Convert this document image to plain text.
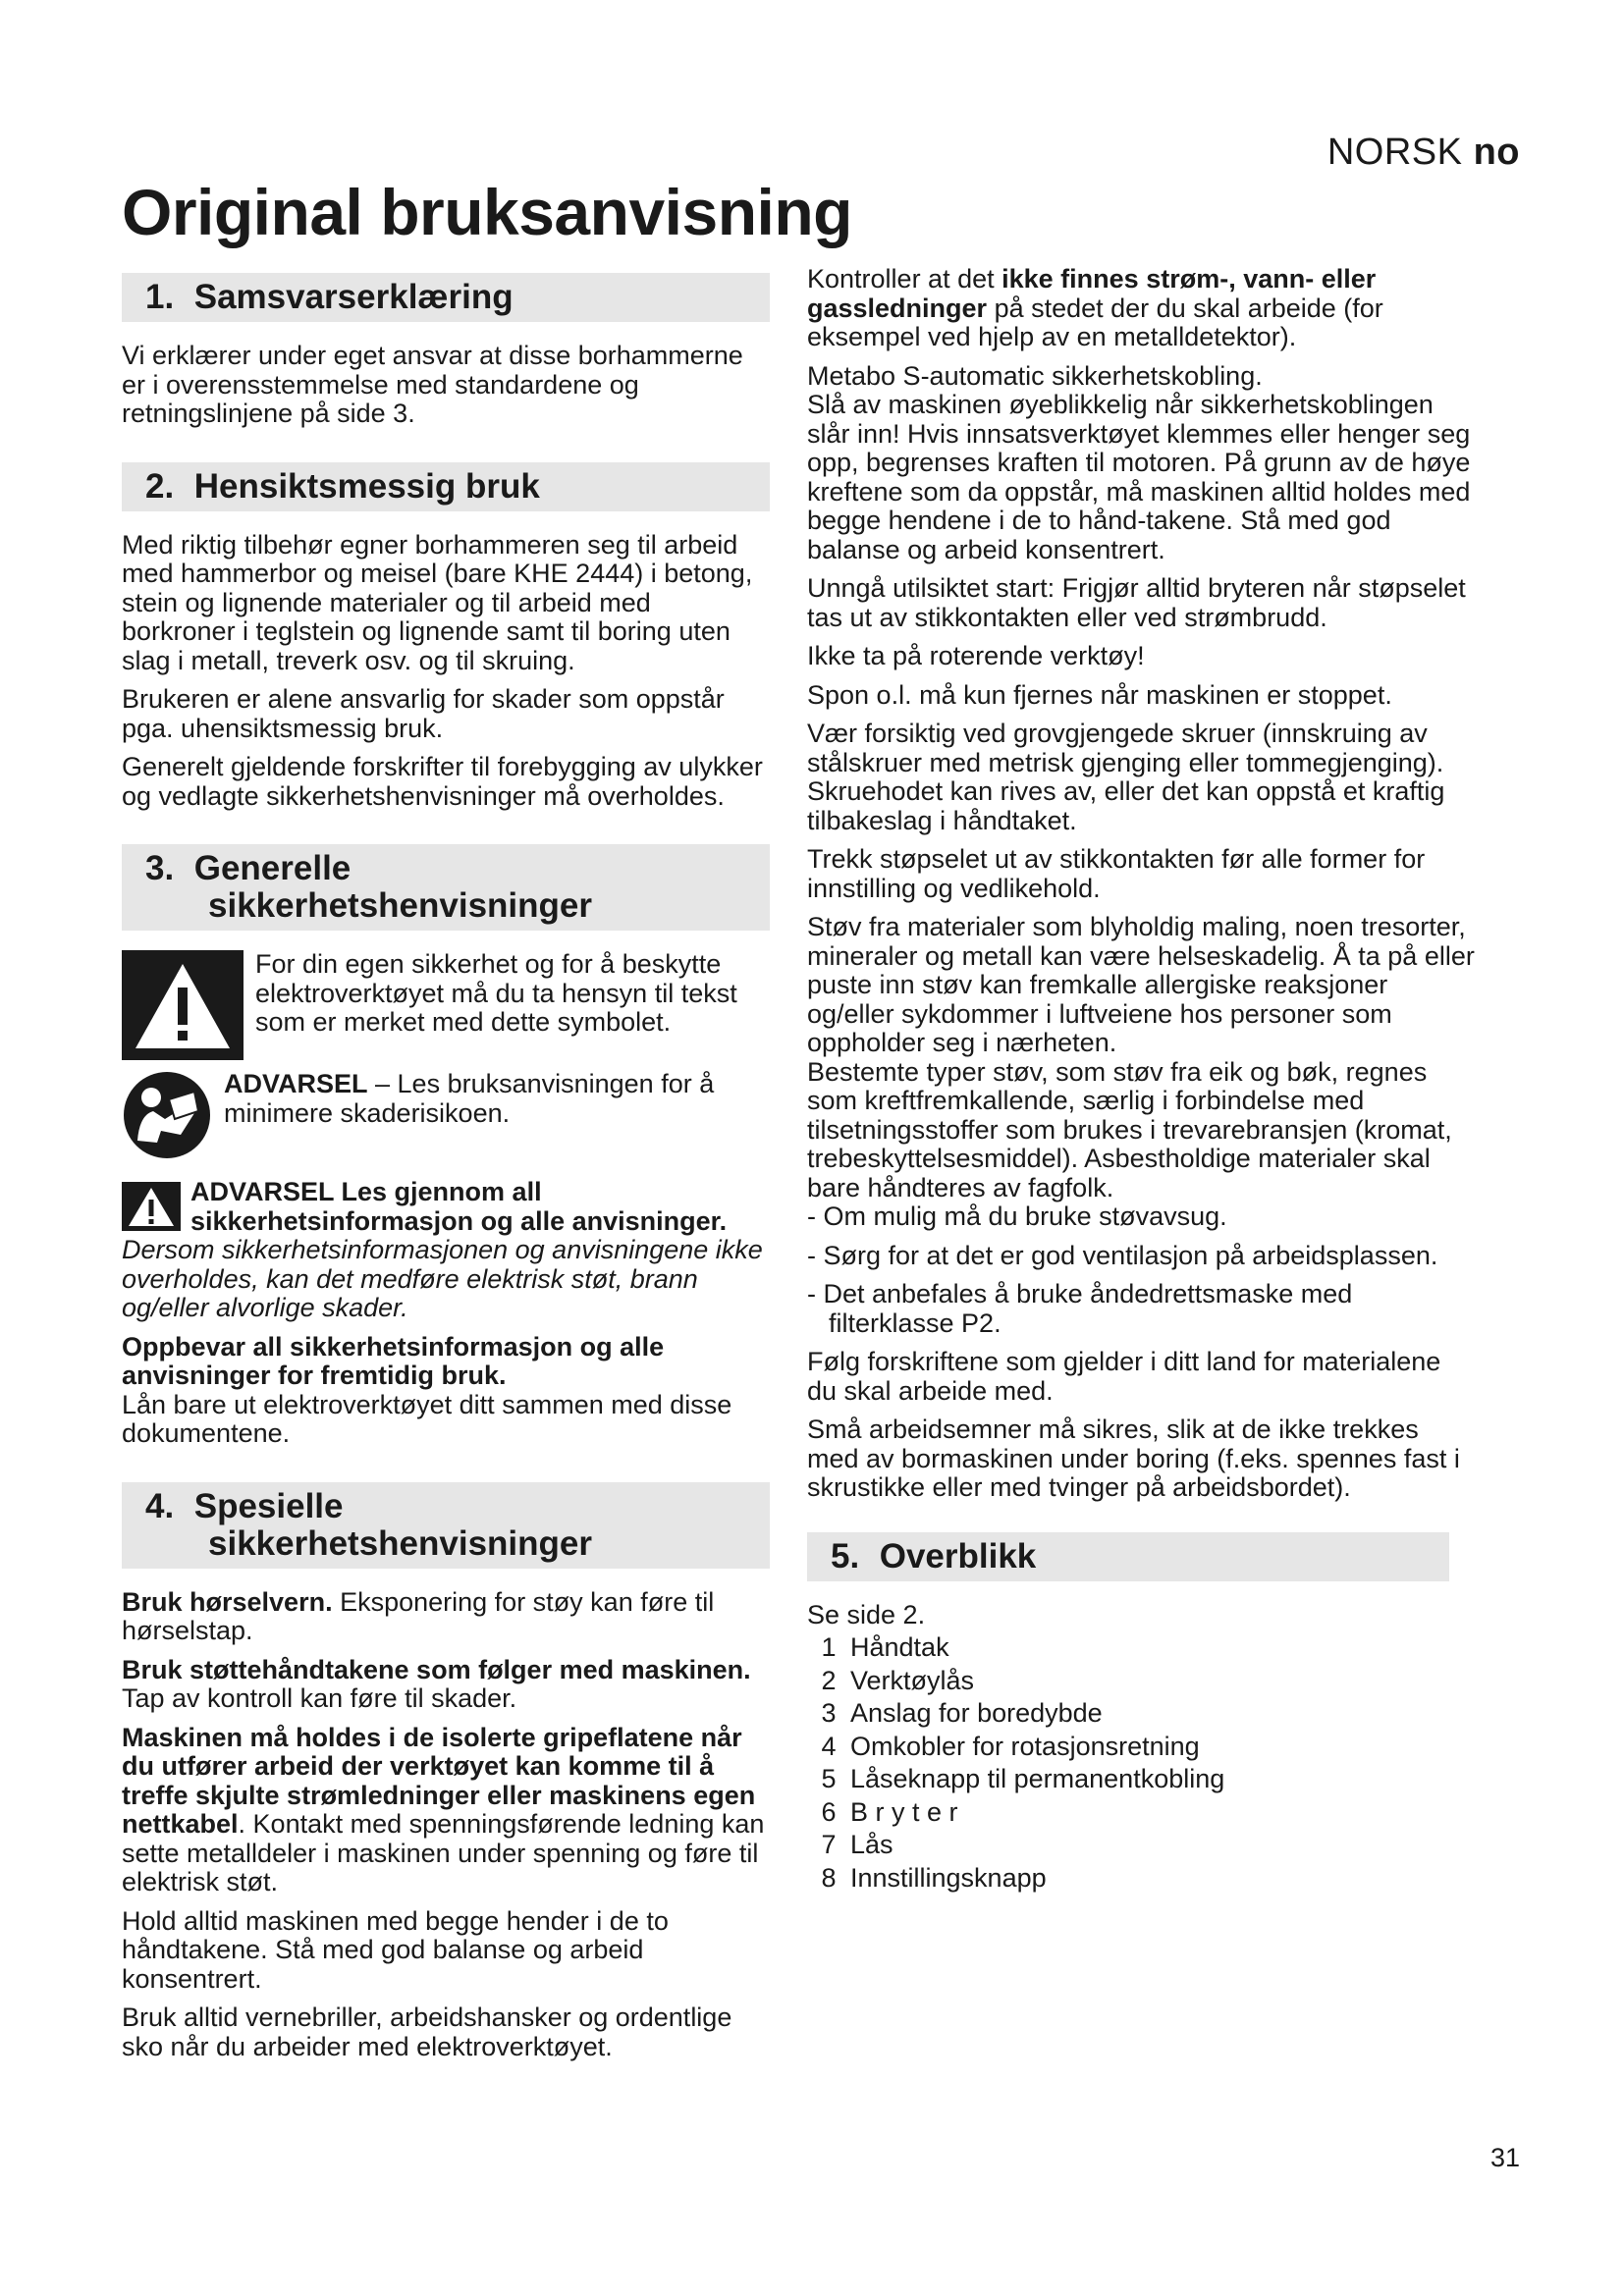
NORSK no
Original bruksanvisning
1. Samsvarserklæring

Vi erklærer under eget ansvar at disse borhammerne er i overensstemmelse med standardene og retningslinjene på side 3.

2. Hensiktsmessig bruk

Med riktig tilbehør egner borhammeren seg til arbeid med hammerbor og meisel (bare KHE 2444) i betong, stein og lignende materialer og til arbeid med borkroner i teglstein og lignende samt til boring uten slag i metall, treverk osv. og til skruing.

Brukeren er alene ansvarlig for skader som oppstår pga. uhensiktsmessig bruk.

Generelt gjeldende forskrifter til forebygging av ulykker og vedlagte sikkerhetshenvisninger må overholdes.

3. Generelle
sikkerhetshenvisninger
For din egen sikkerhet og for å beskytte elektroverktøyet må du ta hensyn til tekst som er merket med dette symbolet.
ADVARSEL – Les bruksanvisningen for å minimere skaderisikoen.

ADVARSEL Les gjennom all sikkerhetsinformasjon og alle anvisninger. Dersom sikkerhetsinformasjonen og anvisningene ikke overholdes, kan det medføre elektrisk støt, brann og/eller alvorlige skader.

Oppbevar all sikkerhetsinformasjon og alle anvisninger for fremtidig bruk.
Lån bare ut elektroverktøyet ditt sammen med disse dokumentene.

4. Spesielle
sikkerhetshenvisninger

Bruk hørselvern. Eksponering for støy kan føre til hørselstap.

Bruk støttehåndtakene som følger med maskinen. Tap av kontroll kan føre til skader.

Maskinen må holdes i de isolerte gripeflatene når du utfører arbeid der verktøyet kan komme til å treffe skjulte strømledninger eller maskinens egen nettkabel. Kontakt med spenningsførende ledning kan sette metalldeler i maskinen under spenning og føre til elektrisk støt.

Hold alltid maskinen med begge hender i de to håndtakene. Stå med god balanse og arbeid konsentrert.

Bruk alltid vernebriller, arbeidshansker og ordentlige sko når du arbeider med elektroverktøyet.

Kontroller at det ikke finnes strøm-, vann- eller gassledninger på stedet der du skal arbeide (for eksempel ved hjelp av en metalldetektor).

Metabo S-automatic sikkerhetskobling.
Slå av maskinen øyeblikkelig når sikkerhetskoblingen slår inn! Hvis innsatsverktøyet klemmes eller henger seg opp, begrenses kraften til motoren. På grunn av de høye kreftene som da oppstår, må maskinen alltid holdes med begge hendene i de to hånd-takene. Stå med god balanse og arbeid konsentrert.

Unngå utilsiktet start: Frigjør alltid bryteren når støpselet tas ut av stikkontakten eller ved strømbrudd.

Ikke ta på roterende verktøy!

Spon o.l. må kun fjernes når maskinen er stoppet.

Vær forsiktig ved grovgjengede skruer (innskruing av stålskruer med metrisk gjenging eller tommegjenging). Skruehodet kan rives av, eller det kan oppstå et kraftig tilbakeslag i håndtaket.

Trekk støpselet ut av stikkontakten før alle former for innstilling og vedlikehold.

Støv fra materialer som blyholdig maling, noen tresorter, mineraler og metall kan være helseskadelig. Å ta på eller puste inn støv kan fremkalle allergiske reaksjoner og/eller sykdommer i luftveiene hos personer som oppholder seg i nærheten.
Bestemte typer støv, som støv fra eik og bøk, regnes som kreftfremkallende, særlig i forbindelse med tilsetningsstoffer som brukes i trevarebransjen (kromat, trebeskyttelsesmiddel). Asbestholdige materialer skal bare håndteres av fagfolk.

- Om mulig må du bruke støvavsug.

- Sørg for at det er god ventilasjon på arbeidsplassen.

- Det anbefales å bruke åndedrettsmaske med filterklasse P2.

Følg forskriftene som gjelder i ditt land for materialene du skal arbeide med.

Små arbeidsemner må sikres, slik at de ikke trekkes med av bormaskinen under boring (f.eks. spennes fast i skrustikke eller med tvinger på arbeidsbordet).

5. Overblikk

Se side 2.

1 Håndtak
2 Verktøylås
3 Anslag for boredybde
4 Omkobler for rotasjonsretning
5 Låseknapp til permanentkobling
6 B r y t e r
7 Lås
8 Innstillingsknapp
31
